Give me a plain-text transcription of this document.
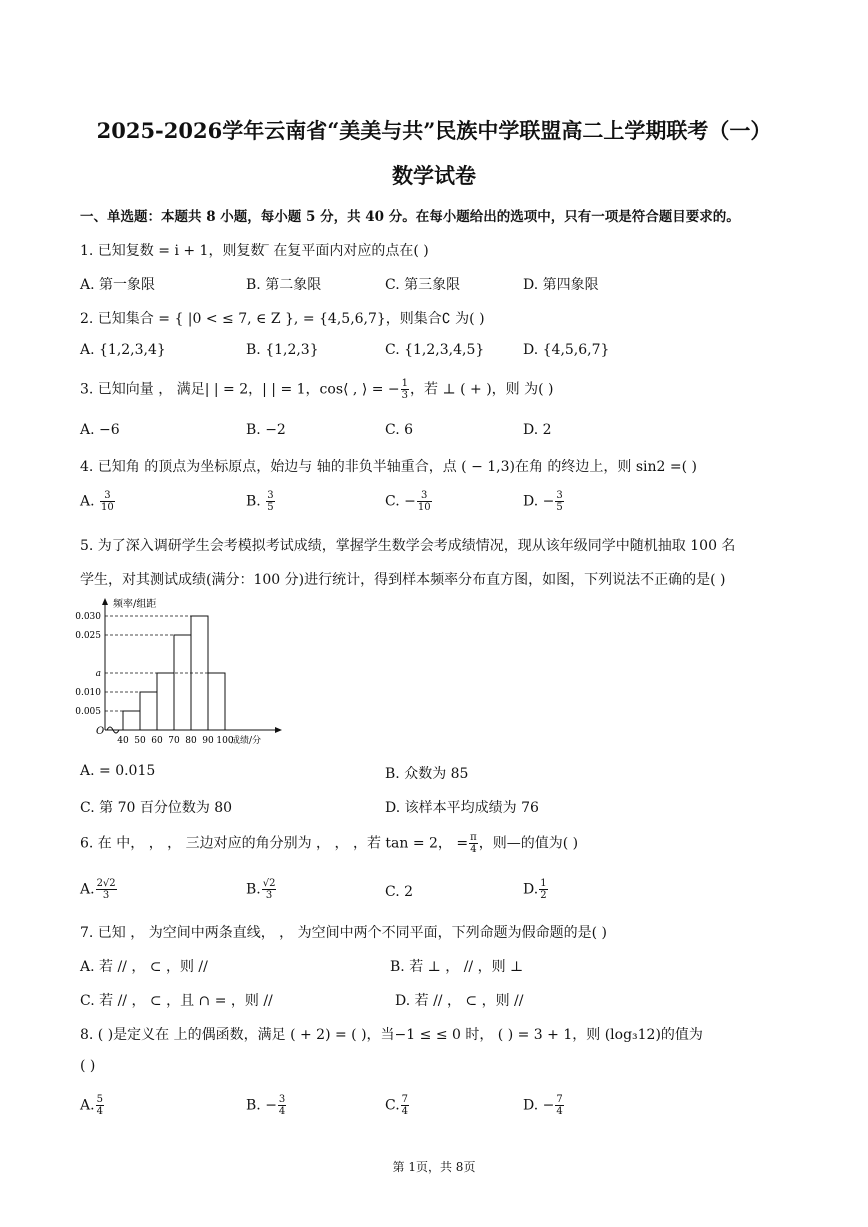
2025-2026学年云南省“美美与共”民族中学联盟高二上学期联考（一）
数学试卷
一、单选题：本题共 8 小题，每小题 5 分，共 40 分。在每小题给出的选项中，只有一项是符合题目要求的。
1. 已知复数 = i + 1，则复数 ̅ 在复平面内对应的点在( )
A. 第一象限	B. 第二象限	C. 第三象限	D. 第四象限
2. 已知集合 = { |0 < ≤ 7, ∈ Z }, = {4,5,6,7}，则集合∁ 为( )
A. {1,2,3,4}	B. {1,2,3}	C. {1,2,3,4,5}	D. {4,5,6,7}
3. 已知向量 ， 满足| | = 2，| | = 1，cos⟨ , ⟩ = − $\frac{1}{3}$ ，若 ⊥ ( + )，则 为( )
A. −6	B. −2	C. 6	D. 2
4. 已知角 的顶点为坐标原点，始边与 轴的非负半轴重合，点 ( − 1,3)在角 的终边上，则 sin2 =( )
A. $\frac{3}{10}$	B. $\frac{3}{5}$	C. − $\frac{3}{10}$	D. − $\frac{3}{5}$
5. 为了深入调研学生会考模拟考试成绩，掌握学生数学会考成绩情况，现从该年级同学中随机抽取 100 名
学生，对其测试成绩(满分：100 分)进行统计，得到样本频率分布直方图，如图，下列说法不正确的是( )
0.030
0.025
a
0.010
0.005
40 50 60 70 80 90 100
O
频率/组距
成绩/分
A. = 0.015	B. 众数为 85
C. 第 70 百分位数为 80	D. 该样本平均成绩为 76
6. 在 中， ， ， 三边对应的角分别为 ， ， ，若 tan = 2， = $\frac{\pi}{4}$ ，则—的值为( )
A. $\frac{2√2}{3}$	B. $\frac{√2}{3}$	C. 2	D. $\frac{1}{2}$
7. 已知 ， 为空间中两条直线， ， 为空间中两个不同平面，下列命题为假命题的是( )
A. 若 // ， ⊂ ，则 //	B. 若 ⊥ ， // ，则 ⊥
C. 若 // ， ⊂ ，且 ∩ = ，则 //	D. 若 // ， ⊂ ，则 //
8. ( )是定义在 上的偶函数，满足 ( + 2) = ( )，当−1 ≤ ≤ 0 时， ( ) = 3 + 1，则 (log₃12)的值为
( )
A. $\frac{5}{4}$	B. − $\frac{3}{4}$	C. $\frac{7}{4}$	D. − $\frac{7}{4}$
第 1页，共 8页
